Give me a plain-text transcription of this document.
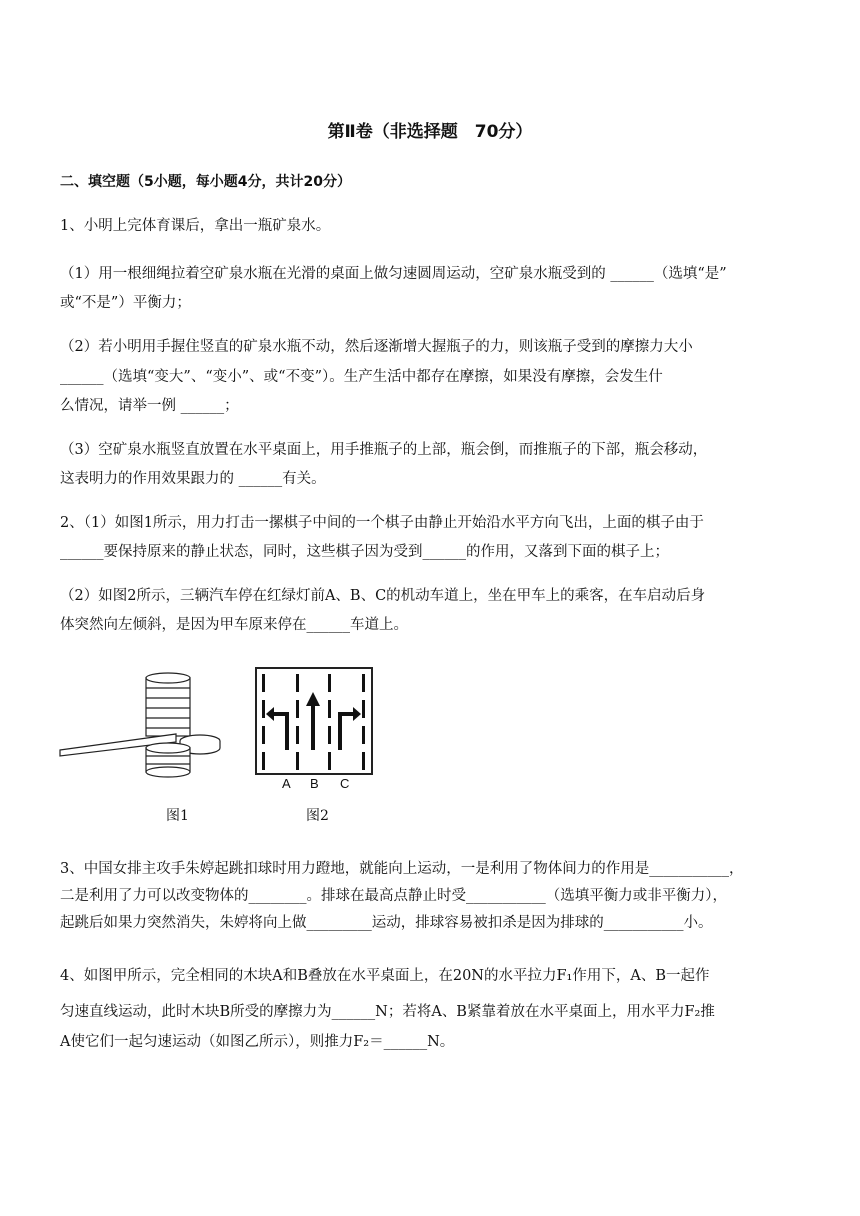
第Ⅱ卷（非选择题　70分）
二、填空题（5小题，每小题4分，共计20分）
1、小明上完体育课后，拿出一瓶矿泉水。
（1）用一根细绳拉着空矿泉水瓶在光滑的桌面上做匀速圆周运动，空矿泉水瓶受到的 ______（选填“是”
或“不是”）平衡力；
（2）若小明用手握住竖直的矿泉水瓶不动，然后逐渐增大握瓶子的力，则该瓶子受到的摩擦力大小
______（选填“变大”、“变小”、或“不变”）。生产生活中都存在摩擦，如果没有摩擦，会发生什
么情况，请举一例 ______；
（3）空矿泉水瓶竖直放置在水平桌面上，用手推瓶子的上部，瓶会倒，而推瓶子的下部，瓶会移动，
这表明力的作用效果跟力的 ______有关。
2、（1）如图1所示，用力打击一摞棋子中间的一个棋子由静止开始沿水平方向飞出，上面的棋子由于
______要保持原来的静止状态，同时，这些棋子因为受到______的作用，又落到下面的棋子上；
（2）如图2所示，三辆汽车停在红绿灯前A、B、C的机动车道上，坐在甲车上的乘客，在车启动后身
体突然向左倾斜，是因为甲车原来停在______车道上。
A B C
图1	图2
3、中国女排主攻手朱婷起跳扣球时用力蹬地，就能向上运动，一是利用了物体间力的作用是___________，
二是利用了力可以改变物体的________。排球在最高点静止时受___________（选填平衡力或非平衡力），
起跳后如果力突然消失，朱婷将向上做_________运动，排球容易被扣杀是因为排球的___________小。
4、如图甲所示，完全相同的木块A和B叠放在水平桌面上，在20N的水平拉力F₁作用下，A、B一起作
匀速直线运动，此时木块B所受的摩擦力为______N；若将A、B紧靠着放在水平桌面上，用水平力F₂推
A使它们一起匀速运动（如图乙所示），则推力F₂＝______N。
